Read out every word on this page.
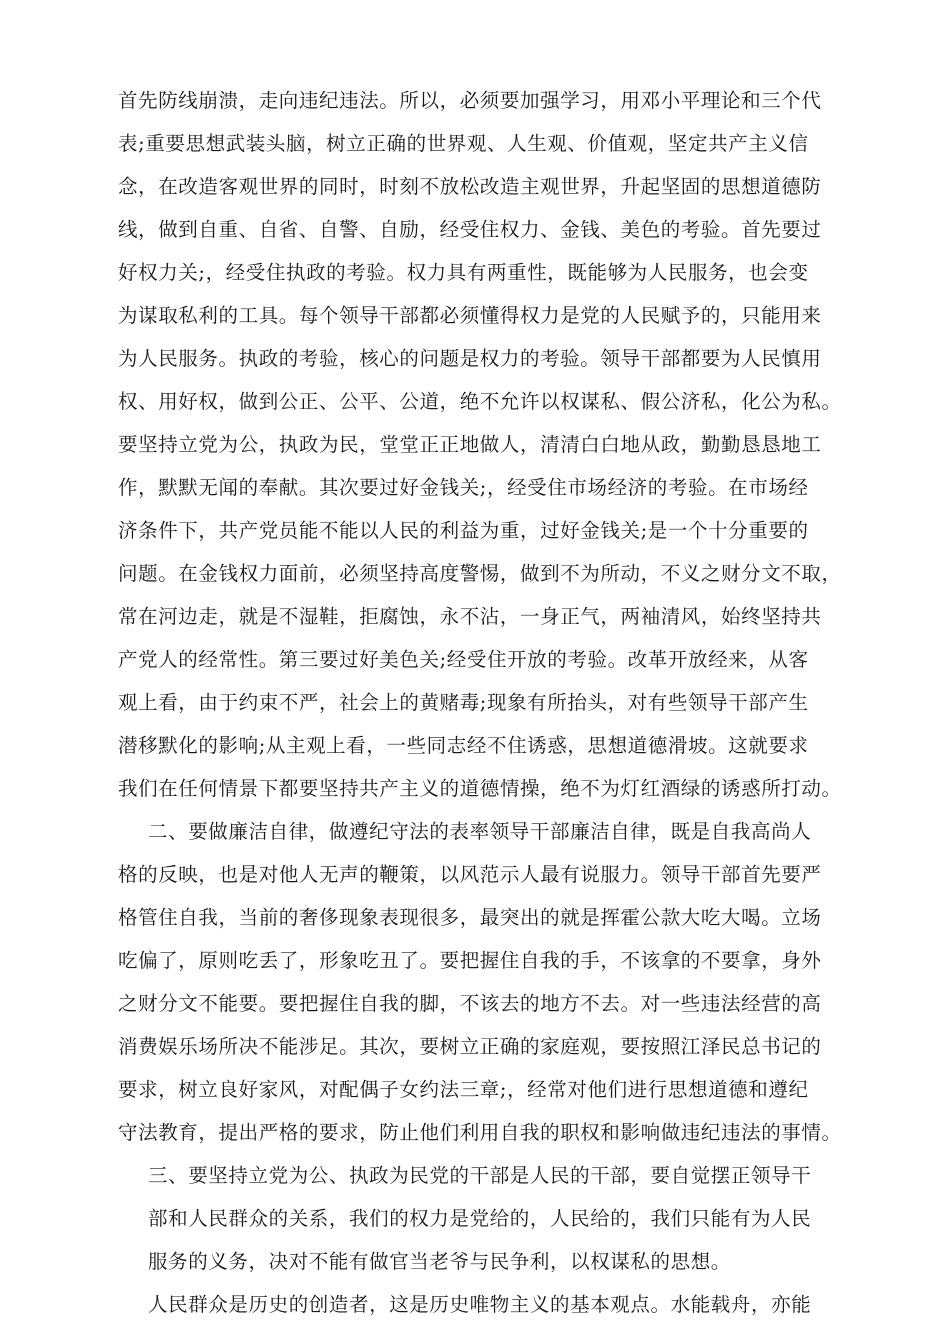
首先防线崩溃，走向违纪违法。所以，必须要加强学习，用邓小平理论和三个代
表;重要思想武装头脑，树立正确的世界观、人生观、价值观，坚定共产主义信
念，在改造客观世界的同时，时刻不放松改造主观世界，升起坚固的思想道德防
线，做到自重、自省、自警、自励，经受住权力、金钱、美色的考验。首先要过
好权力关;，经受住执政的考验。权力具有两重性，既能够为人民服务，也会变
为谋取私利的工具。每个领导干部都必须懂得权力是党的人民赋予的，只能用来
为人民服务。执政的考验，核心的问题是权力的考验。领导干部都要为人民慎用
权、用好权，做到公正、公平、公道，绝不允许以权谋私、假公济私，化公为私。
要坚持立党为公，执政为民，堂堂正正地做人，清清白白地从政，勤勤恳恳地工
作，默默无闻的奉献。其次要过好金钱关;，经受住市场经济的考验。在市场经
济条件下，共产党员能不能以人民的利益为重，过好金钱关;是一个十分重要的
问题。在金钱权力面前，必须坚持高度警惕，做到不为所动，不义之财分文不取，
常在河边走，就是不湿鞋，拒腐蚀，永不沾，一身正气，两袖清风，始终坚持共
产党人的经常性。第三要过好美色关;经受住开放的考验。改革开放经来，从客
观上看，由于约束不严，社会上的黄赌毒;现象有所抬头，对有些领导干部产生
潜移默化的影响;从主观上看，一些同志经不住诱惑，思想道德滑坡。这就要求
我们在任何情景下都要坚持共产主义的道德情操，绝不为灯红酒绿的诱惑所打动。
二、要做廉洁自律，做遵纪守法的表率领导干部廉洁自律，既是自我高尚人
格的反映，也是对他人无声的鞭策，以风范示人最有说服力。领导干部首先要严
格管住自我，当前的奢侈现象表现很多，最突出的就是挥霍公款大吃大喝。立场
吃偏了，原则吃丢了，形象吃丑了。要把握住自我的手，不该拿的不要拿，身外
之财分文不能要。要把握住自我的脚，不该去的地方不去。对一些违法经营的高
消费娱乐场所决不能涉足。其次，要树立正确的家庭观，要按照江泽民总书记的
要求，树立良好家风，对配偶子女约法三章;，经常对他们进行思想道德和遵纪
守法教育，提出严格的要求，防止他们利用自我的职权和影响做违纪违法的事情。
三、要坚持立党为公、执政为民党的干部是人民的干部，要自觉摆正领导干
部和人民群众的关系，我们的权力是党给的，人民给的，我们只能有为人民
服务的义务，决对不能有做官当老爷与民争利，以权谋私的思想。
人民群众是历史的创造者，这是历史唯物主义的基本观点。水能载舟，亦能
